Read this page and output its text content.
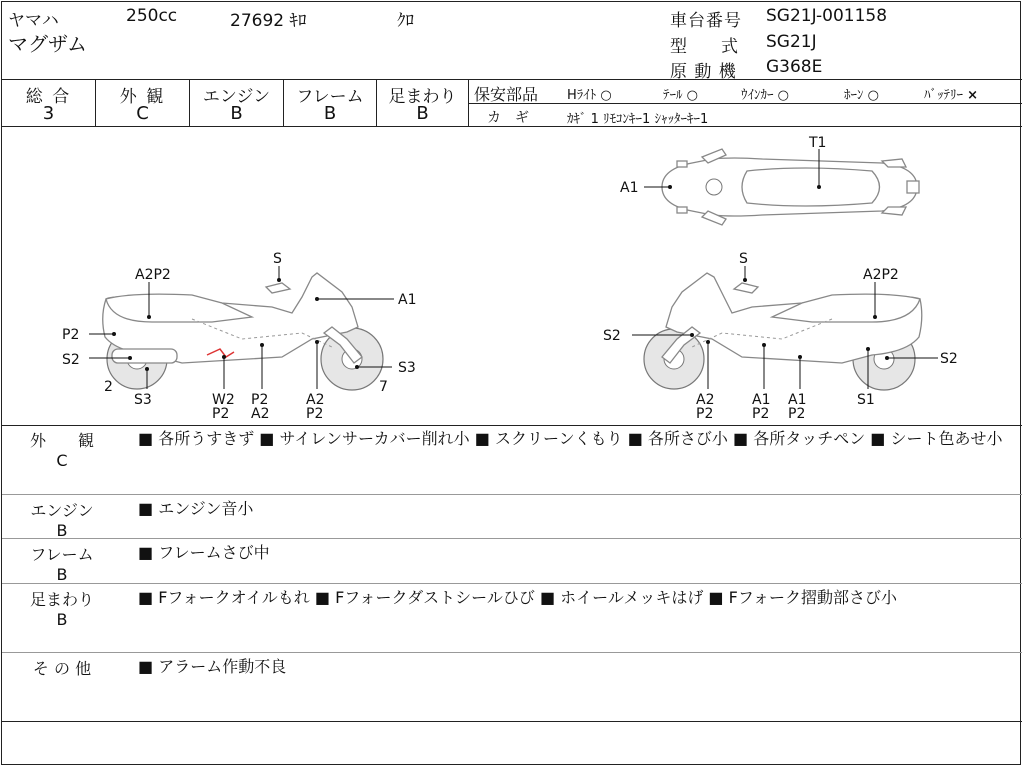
ヤマハ	250cc	27692 ｷﾛ	ｸﾛ
マグザム
車台番号 SG21J-001158
型　　式 SG21J
原 動 機 G368E
総 合
3
外 観
C
エンジン
B
フレーム
B
足まわり
B
保安部品 Hﾗｲﾄ ○	ﾃｰﾙ ○	ｳｲﾝｶｰ ○	ﾎｰﾝ ○	ﾊﾞｯﾃﾘｰ ×
カ　ギ	ｶｷﾞ 1 ﾘﾓｺﾝｷｰ1 ｼｬｯﾀｰｷｰ1
T1
A1
S
A2P2
A1
P2
S2	S3
2
S3	W2
P2
P2
A2
A2
P2
7
S
A2P2
S2
S2
A2
P2
A1
P2
A1
P2
S1
外　　観
C
■ 各所うすきず ■ サイレンサーカバー削れ小 ■ スクリーンくもり ■ 各所さび小 ■ 各所タッチペン ■ シート色あせ小
エンジン
B
■ エンジン音小
フレーム
B
■ フレームさび中
足まわり
B
■ Fフォークオイルもれ ■ Fフォークダストシールひび ■ ホイールメッキはげ ■ Fフォーク摺動部さび小
そ の 他	■ アラーム作動不良
